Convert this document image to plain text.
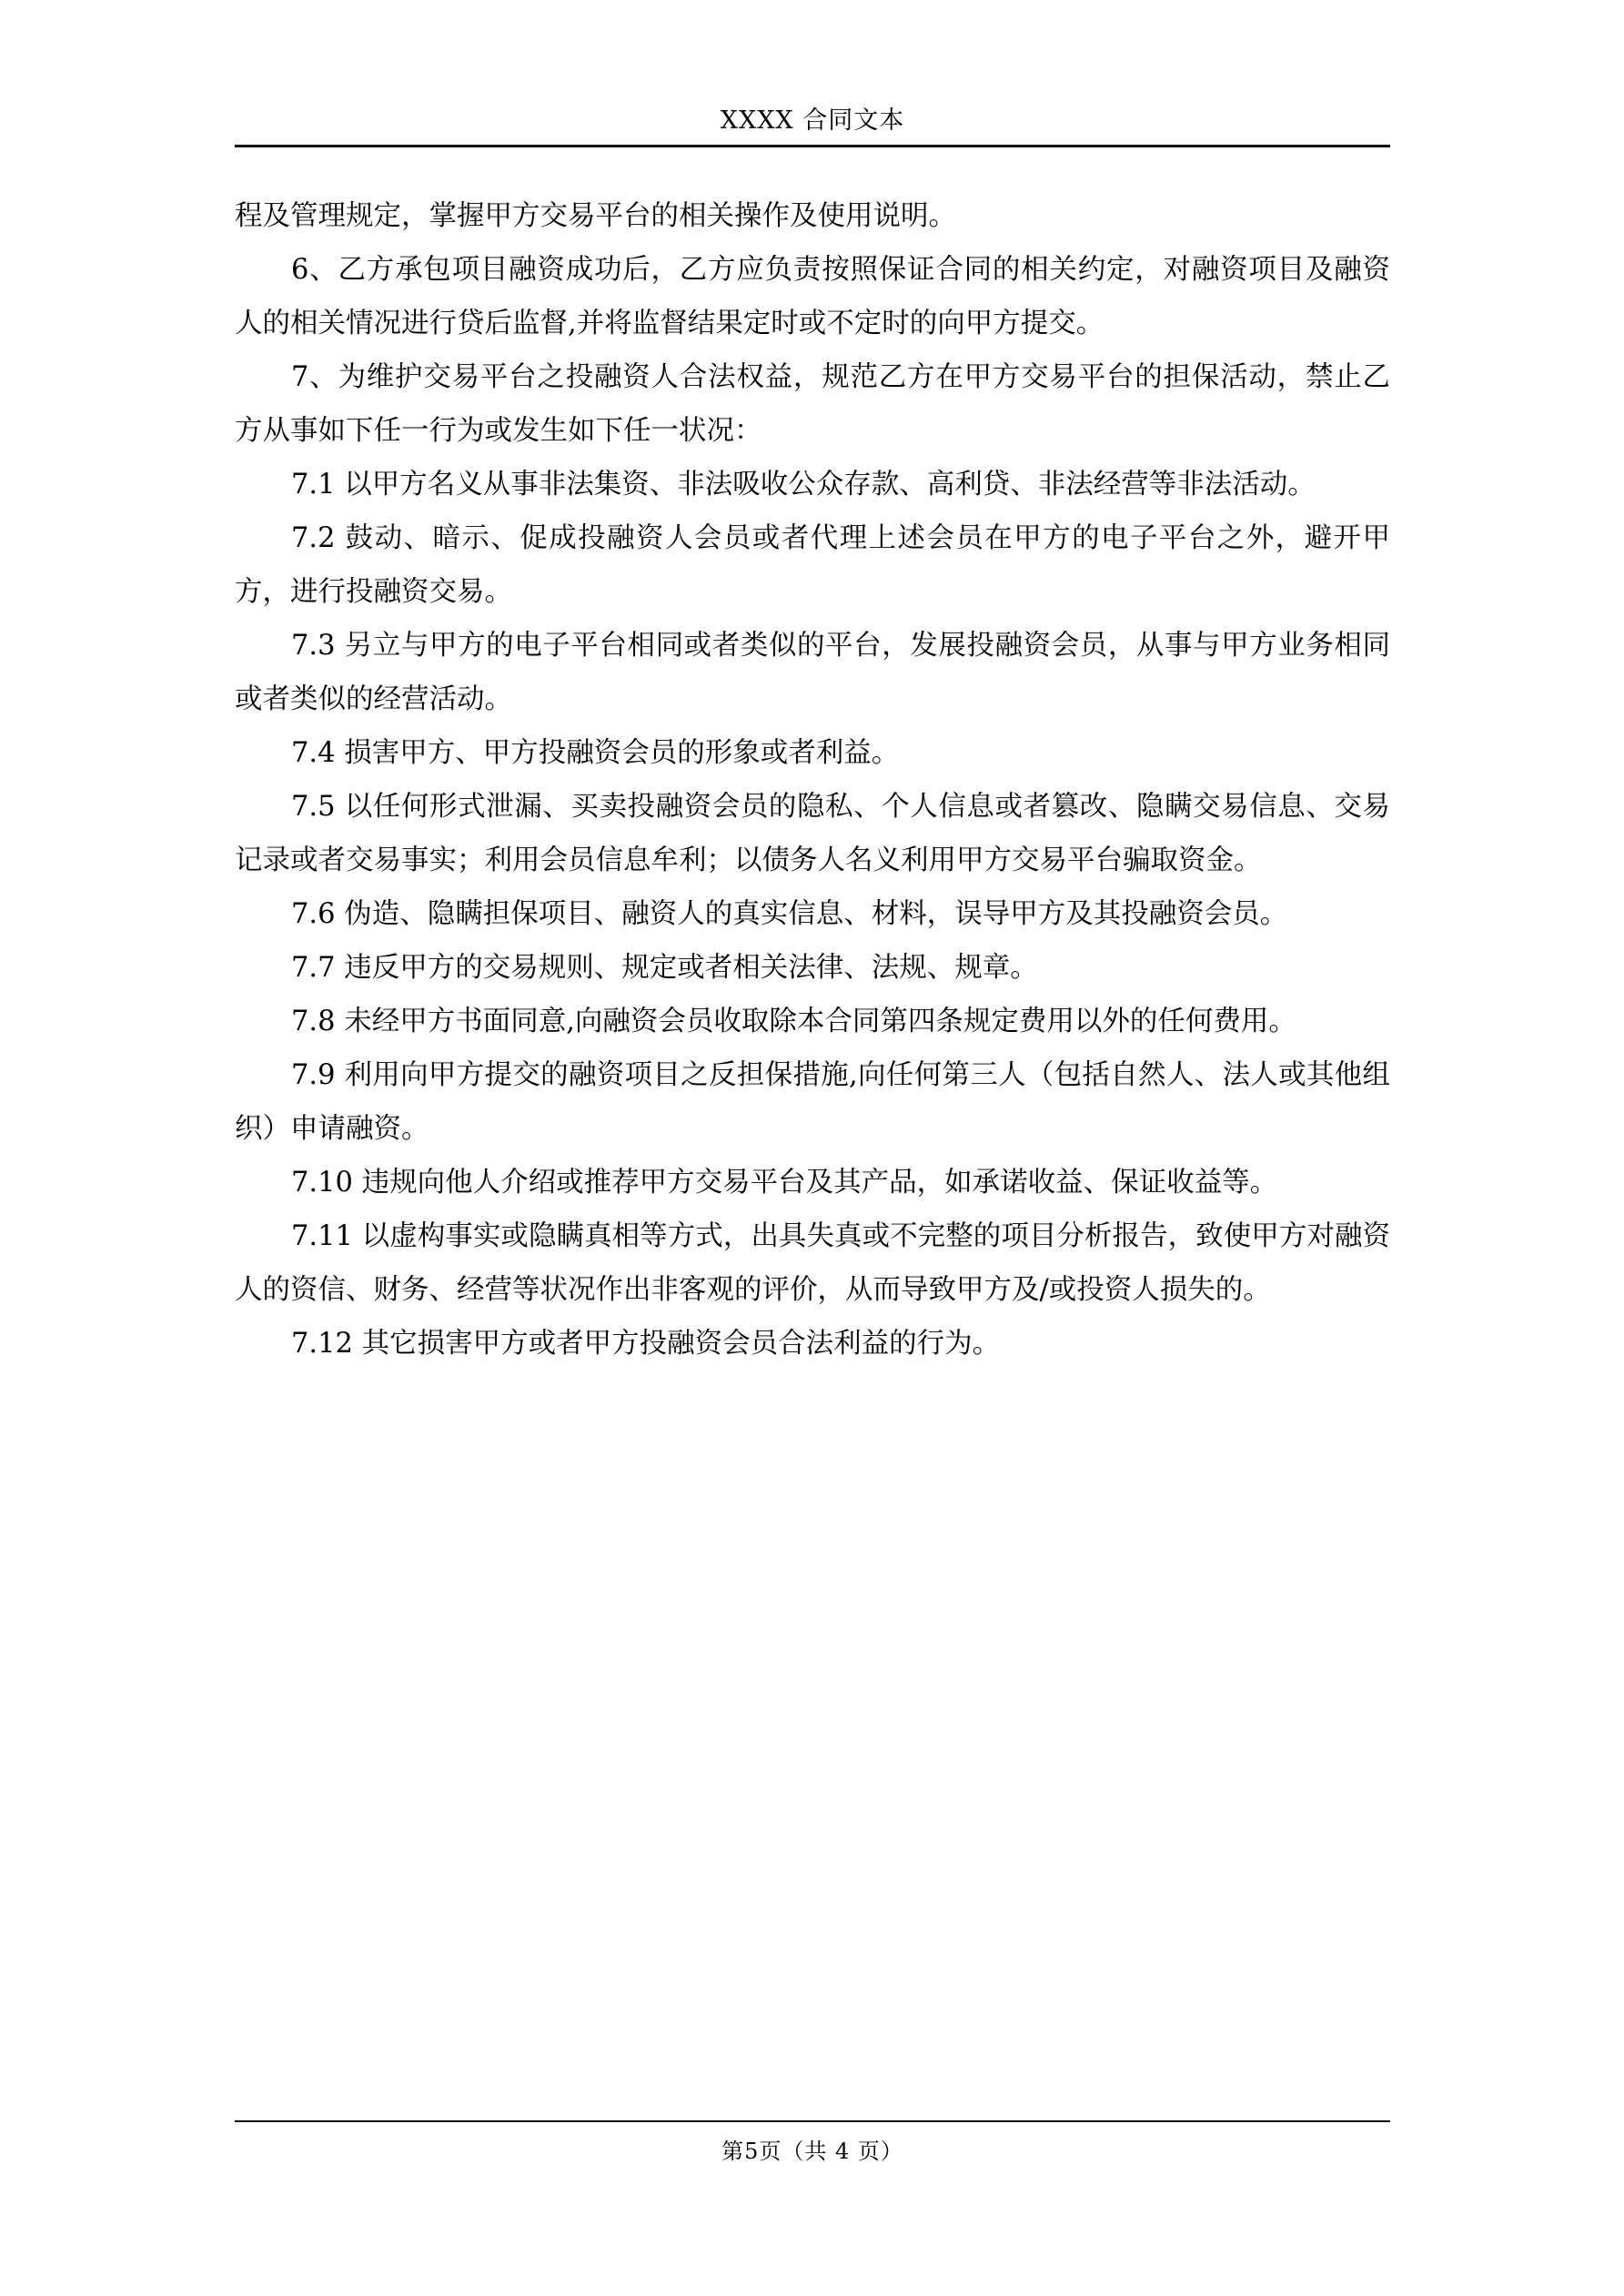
XXXX 合同文本

程及管理规定，掌握甲方交易平台的相关操作及使用说明。

6、乙方承包项目融资成功后，乙方应负责按照保证合同的相关约定，对融资项目及融资人的相关情况进行贷后监督,并将监督结果定时或不定时的向甲方提交。

7、为维护交易平台之投融资人合法权益，规范乙方在甲方交易平台的担保活动，禁止乙方从事如下任一行为或发生如下任一状况：

7.1 以甲方名义从事非法集资、非法吸收公众存款、高利贷、非法经营等非法活动。

7.2 鼓动、暗示、促成投融资人会员或者代理上述会员在甲方的电子平台之外，避开甲方，进行投融资交易。

7.3 另立与甲方的电子平台相同或者类似的平台，发展投融资会员，从事与甲方业务相同或者类似的经营活动。

7.4 损害甲方、甲方投融资会员的形象或者利益。

7.5 以任何形式泄漏、买卖投融资会员的隐私、个人信息或者篡改、隐瞒交易信息、交易记录或者交易事实；利用会员信息牟利；以债务人名义利用甲方交易平台骗取资金。

7.6 伪造、隐瞒担保项目、融资人的真实信息、材料，误导甲方及其投融资会员。

7.7 违反甲方的交易规则、规定或者相关法律、法规、规章。

7.8 未经甲方书面同意,向融资会员收取除本合同第四条规定费用以外的任何费用。

7.9 利用向甲方提交的融资项目之反担保措施,向任何第三人（包括自然人、法人或其他组织）申请融资。

7.10 违规向他人介绍或推荐甲方交易平台及其产品，如承诺收益、保证收益等。

7.11 以虚构事实或隐瞒真相等方式，出具失真或不完整的项目分析报告，致使甲方对融资人的资信、财务、经营等状况作出非客观的评价，从而导致甲方及/或投资人损失的。

7.12 其它损害甲方或者甲方投融资会员合法利益的行为。

第5页（共 4 页）
